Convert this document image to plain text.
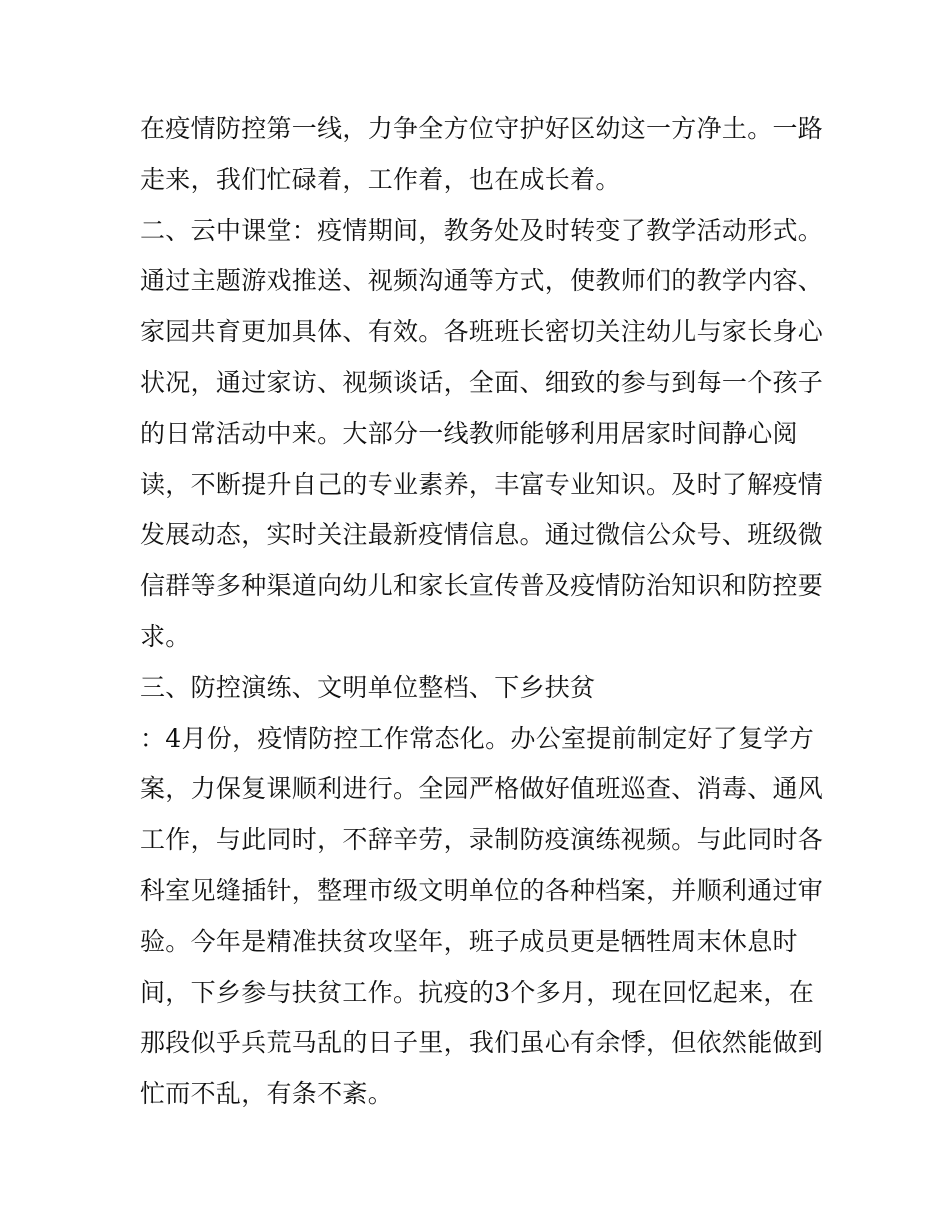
在疫情防控第一线，力争全方位守护好区幼这一方净土。一路
走来，我们忙碌着，工作着，也在成长着。
二、云中课堂：疫情期间，教务处及时转变了教学活动形式。
通过主题游戏推送、视频沟通等方式，使教师们的教学内容、
家园共育更加具体、有效。各班班长密切关注幼儿与家长身心
状况，通过家访、视频谈话，全面、细致的参与到每一个孩子
的日常活动中来。大部分一线教师能够利用居家时间静心阅
读，不断提升自己的专业素养，丰富专业知识。及时了解疫情
发展动态，实时关注最新疫情信息。通过微信公众号、班级微
信群等多种渠道向幼儿和家长宣传普及疫情防治知识和防控要
求。
三、防控演练、文明单位整档、下乡扶贫
：4月份，疫情防控工作常态化。办公室提前制定好了复学方
案，力保复课顺利进行。全园严格做好值班巡查、消毒、通风
工作，与此同时，不辞辛劳，录制防疫演练视频。与此同时各
科室见缝插针，整理市级文明单位的各种档案，并顺利通过审
验。今年是精准扶贫攻坚年，班子成员更是牺牲周末休息时
间，下乡参与扶贫工作。抗疫的3个多月，现在回忆起来，在
那段似乎兵荒马乱的日子里，我们虽心有余悸，但依然能做到
忙而不乱，有条不紊。
